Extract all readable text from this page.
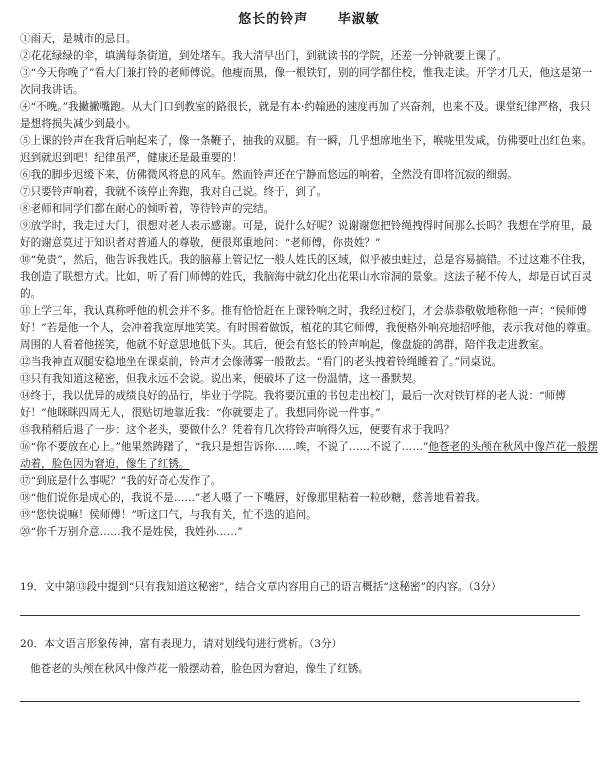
悠长的铃声 毕淑敏

①雨天，是城市的忌日。

②花花绿绿的伞，填满每条街道，到处堵车。我大清早出门，到就读书的学院，还差一分钟就要上课了。

③“今天你晚了”看大门兼打铃的老师傅说。他瘦而黑，像一根铁钉，别的同学都住校，惟我走读。开学才几天，他这是第一次同我讲话。

④“不晚。”我撇撇嘴跑。从大门口到教室的路很长，就是有本·约翰逊的速度再加了兴奋剂，也来不及。课堂纪律严格，我只是想将损失减少到最小。

⑤上课的铃声在我背后响起来了，像一条鞭子，抽我的双腿。有一瞬，几乎想席地坐下，喉咙里发咸，仿佛要吐出红色来。迟到就迟到吧！纪律虽严，健康还是最重要的！

⑥我的脚步迟缓下来，仿佛微风将息的风车。然而铃声还在宁静而悠远的响着，全然没有即将沉寂的细弱。

⑦只要铃声响着，我就不该停止奔跑，我对自己说。终于，到了。

⑧老师和同学们都在耐心的倾听着，等待铃声的完结。

⑨放学时，我走过大门，很想对老人表示感谢。可是，说什么好呢？说谢谢您把铃绳拽得时间那么长吗？我想在学府里，最好的谢意莫过于知识者对普通人的尊敬，便很郑重地问：“老师傅，你贵姓？”

⑩“免贵”，然后，他告诉我姓氏。我的脑幕上管记忆一般人姓氏的区域，似乎被虫蛀过，总是容易搞错。不过这难不住我，我创造了联想方式。比如，听了看门师傅的姓氏，我脑海中就幻化出花果山水帘洞的景象。这法子秘不传人，却是百试百灵的。

⑪上学三年，我认真称呼他的机会并不多。推有恰恰赶在上课铃响之时，我经过校门，才会恭恭敬敬地称他一声：“侯师傅好！”若是他一个人，会冲着我宽厚地笑笑。有时围着做饭，植花的其它师傅，我便格外响亮地招呼他，表示我对他的尊重。周围的人看着他搓笑，他就不好意思地低下头。其后，便会有悠长的铃声响起，像盘旋的鸽群，陪伴我走进教室。

⑫当我神直双腿安稳地坐在课桌前，铃声才会像薄雾一般散去。“看门的老头拽着铃绳睡着了。”同桌说。

⑬只有我知道这秘密，但我永远不会说。说出来，便破坏了这一份温情，这一番默契。

⑭终于，我以优异的成绩良好的品行，毕业于学院。我将要沉重的书包走出校门，最后一次对铁钉样的老人说：“师傅好！”他眯眯四周无人，很贴切地靠近我：“你就要走了。我想同你说一件事。”

⑮我稍稍后退了一步：这个老头，要做什么？凭着有几次将铃声响得久远，便要有求于我吗？

⑯“你不要放在心上。”他果然踌躇了，“我只是想告诉你……唉，不说了……不说了……”他苍老的头颅在秋风中像芦花一般摆动着，脸色因为窘迫，像生了红锈。

⑰“到底是什么事呢？”我的好奇心发作了。

⑱“他们说你是成心的，我说不是……”老人嗫了一下嘴唇，好像那里粘着一粒砂糖，慈善地看着我。

⑲“您快说嘛！侯师傅！”听这口气，与我有关，忙不迭的追问。

⑳“你千万别介意……我不是姓侯，我姓孙……”

19．文中第⑬段中提到“只有我知道这秘密”，结合文章内容用自己的语言概括“这秘密”的内容。（3分）

20．本文语言形象传神，富有表现力，请对划线句进行赏析。（3分）

他苍老的头颅在秋风中像芦花一般摆动着，脸色因为窘迫，像生了红锈。
